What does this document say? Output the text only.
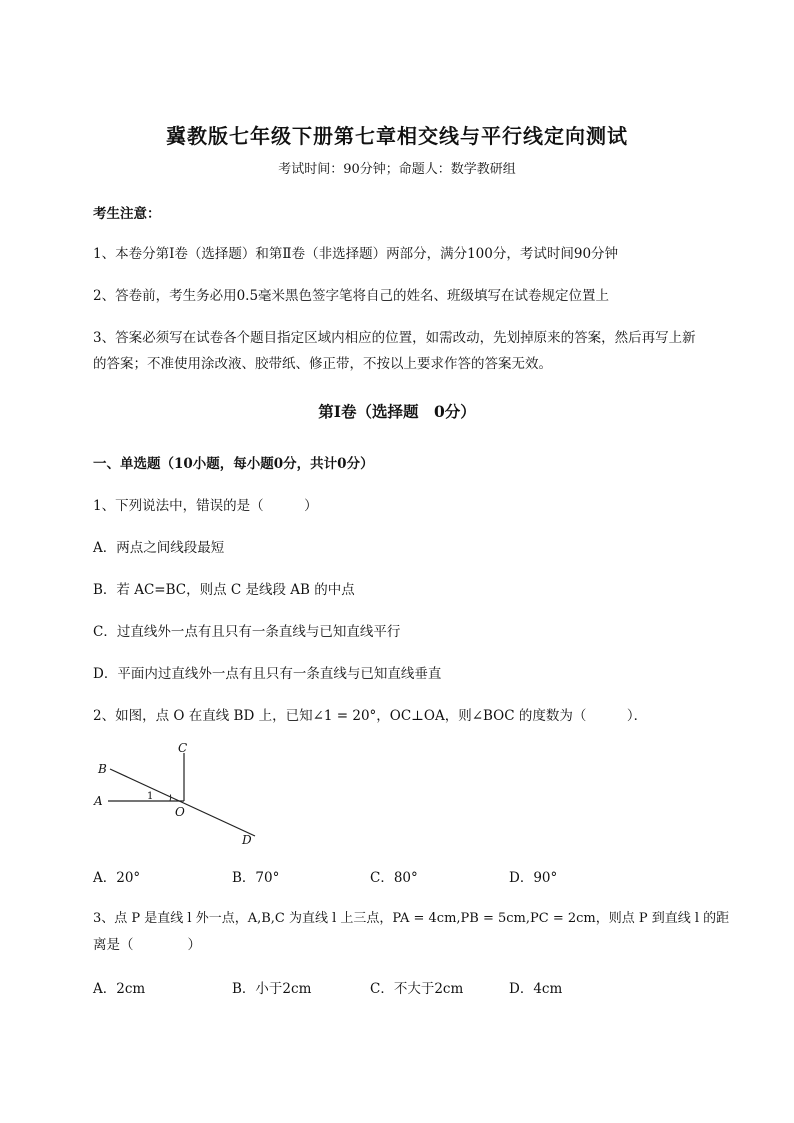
冀教版七年级下册第七章相交线与平行线定向测试
考试时间：90分钟；命题人：数学教研组
考生注意：
1、本卷分第I卷（选择题）和第Ⅱ卷（非选择题）两部分，满分100分，考试时间90分钟
2、答卷前，考生务必用0.5毫米黑色签字笔将自己的姓名、班级填写在试卷规定位置上
3、答案必须写在试卷各个题目指定区域内相应的位置，如需改动，先划掉原来的答案，然后再写上新
的答案；不准使用涂改液、胶带纸、修正带，不按以上要求作答的答案无效。
第I卷（选择题　0分）
一、单选题（10小题，每小题0分，共计0分）
1、下列说法中，错误的是（　　　）
A．两点之间线段最短
B．若 AC=BC，则点 C 是线段 AB 的中点
C．过直线外一点有且只有一条直线与已知直线平行
D．平面内过直线外一点有且只有一条直线与已知直线垂直
2、如图，点 O 在直线 BD 上，已知∠1 = 20°，OC⊥OA，则∠BOC 的度数为（　　　）．
B
C
A
O
D
1
A．20°	B．70°	C．80°	D．90°
3、点 P 是直线 l 外一点，A,B,C 为直线 l 上三点，PA = 4cm,PB = 5cm,PC = 2cm，则点 P 到直线 l 的距
离是（　　　　）
A．2cm	B．小于2cm	C．不大于2cm	D．4cm
